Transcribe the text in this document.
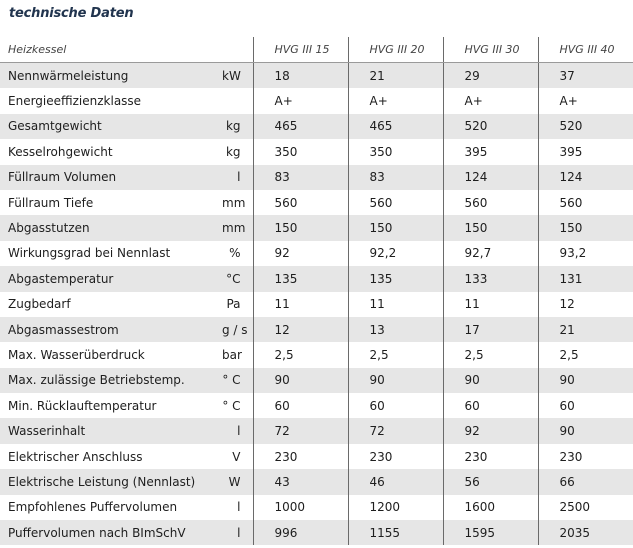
technische Daten
Heizkessel		HVG III 15	HVG III 20	HVG III 30	HVG III 40
Nennwärmeleistung	kW	18	21	29	37
Energieeffizienzklasse		A+	A+	A+	A+
Gesamtgewicht	kg	465	465	520	520
Kesselrohgewicht	kg	350	350	395	395
Füllraum Volumen	l	83	83	124	124
Füllraum Tiefe	mm	560	560	560	560
Abgasstutzen	mm	150	150	150	150
Wirkungsgrad bei Nennlast	%	92	92,2	92,7	93,2
Abgastemperatur	°C	135	135	133	131
Zugbedarf	Pa	11	11	11	12
Abgasmassestrom	g / s	12	13	17	21
Max. Wasserüberdruck	bar	2,5	2,5	2,5	2,5
Max. zulässige Betriebstemp.	° C	90	90	90	90
Min. Rücklauftemperatur	° C	60	60	60	60
Wasserinhalt	l	72	72	92	90
Elektrischer Anschluss	V	230	230	230	230
Elektrische Leistung (Nennlast)	W	43	46	56	66
Empfohlenes Puffervolumen	l	1000	1200	1600	2500
Puffervolumen nach BImSchV	l	996	1155	1595	2035
